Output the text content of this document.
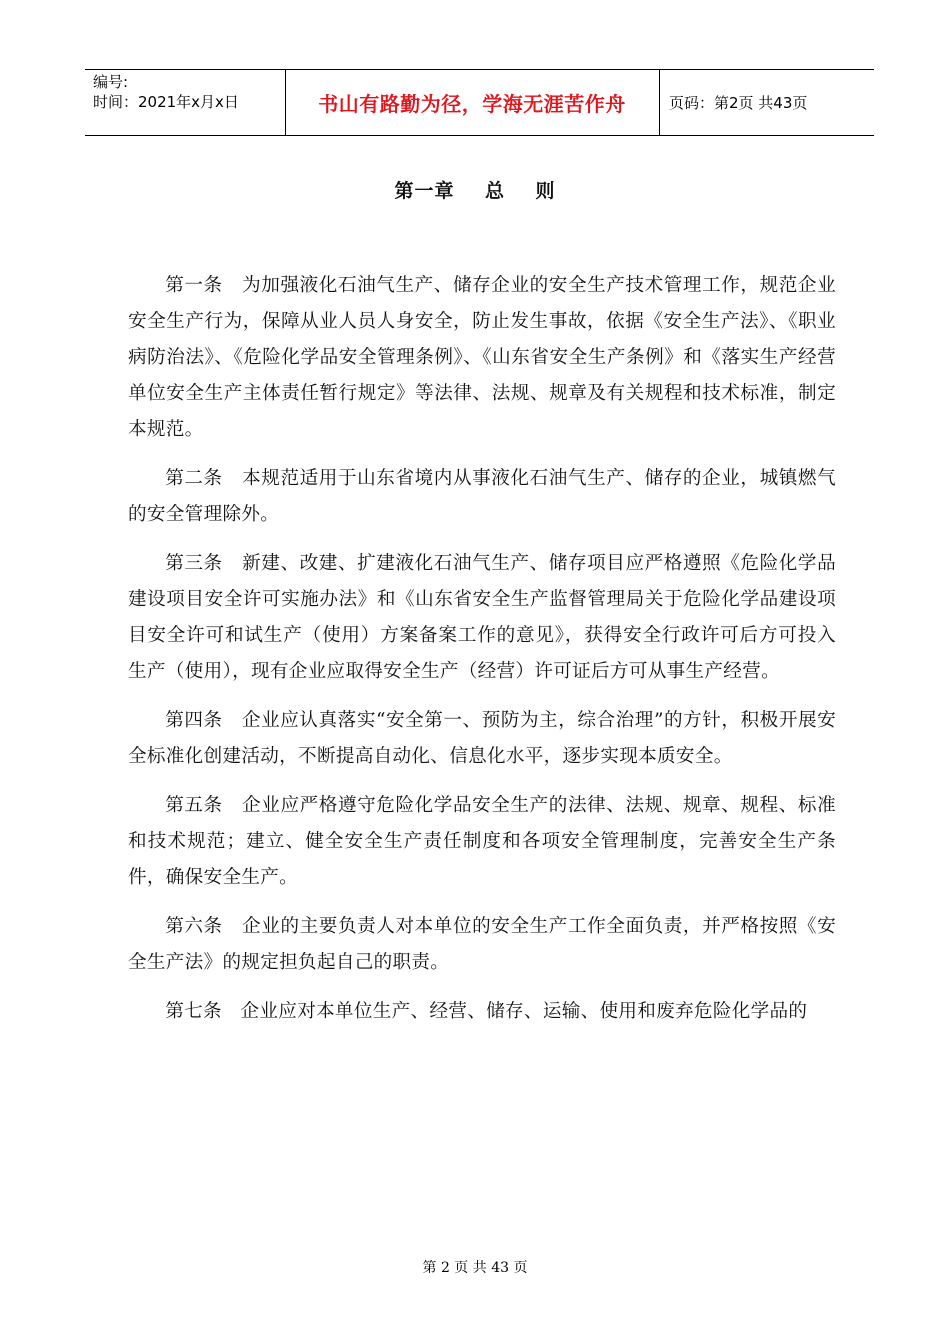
编号:
时间：2021年x月x日	书山有路勤为径，学海无涯苦作舟	页码：第2页 共43页
第一章    总    则

第一条 为加强液化石油气生产、储存企业的安全生产技术管理工作，规范企业安全生产行为，保障从业人员人身安全，防止发生事故，依据《安全生产法》、《职业病防治法》、《危险化学品安全管理条例》、《山东省安全生产条例》和《落实生产经营单位安全生产主体责任暂行规定》等法律、法规、规章及有关规程和技术标准，制定本规范。

第二条 本规范适用于山东省境内从事液化石油气生产、储存的企业，城镇燃气的安全管理除外。

第三条 新建、改建、扩建液化石油气生产、储存项目应严格遵照《危险化学品建设项目安全许可实施办法》和《山东省安全生产监督管理局关于危险化学品建设项目安全许可和试生产（使用）方案备案工作的意见》，获得安全行政许可后方可投入生产（使用），现有企业应取得安全生产（经营）许可证后方可从事生产经营。

第四条 企业应认真落实“安全第一、预防为主，综合治理”的方针，积极开展安全标准化创建活动，不断提高自动化、信息化水平，逐步实现本质安全。

第五条 企业应严格遵守危险化学品安全生产的法律、法规、规章、规程、标准和技术规范；建立、健全安全生产责任制度和各项安全管理制度，完善安全生产条件，确保安全生产。

第六条 企业的主要负责人对本单位的安全生产工作全面负责，并严格按照《安全生产法》的规定担负起自己的职责。

第七条 企业应对本单位生产、经营、储存、运输、使用和废弃危险化学品的

第 2 页 共 43 页
